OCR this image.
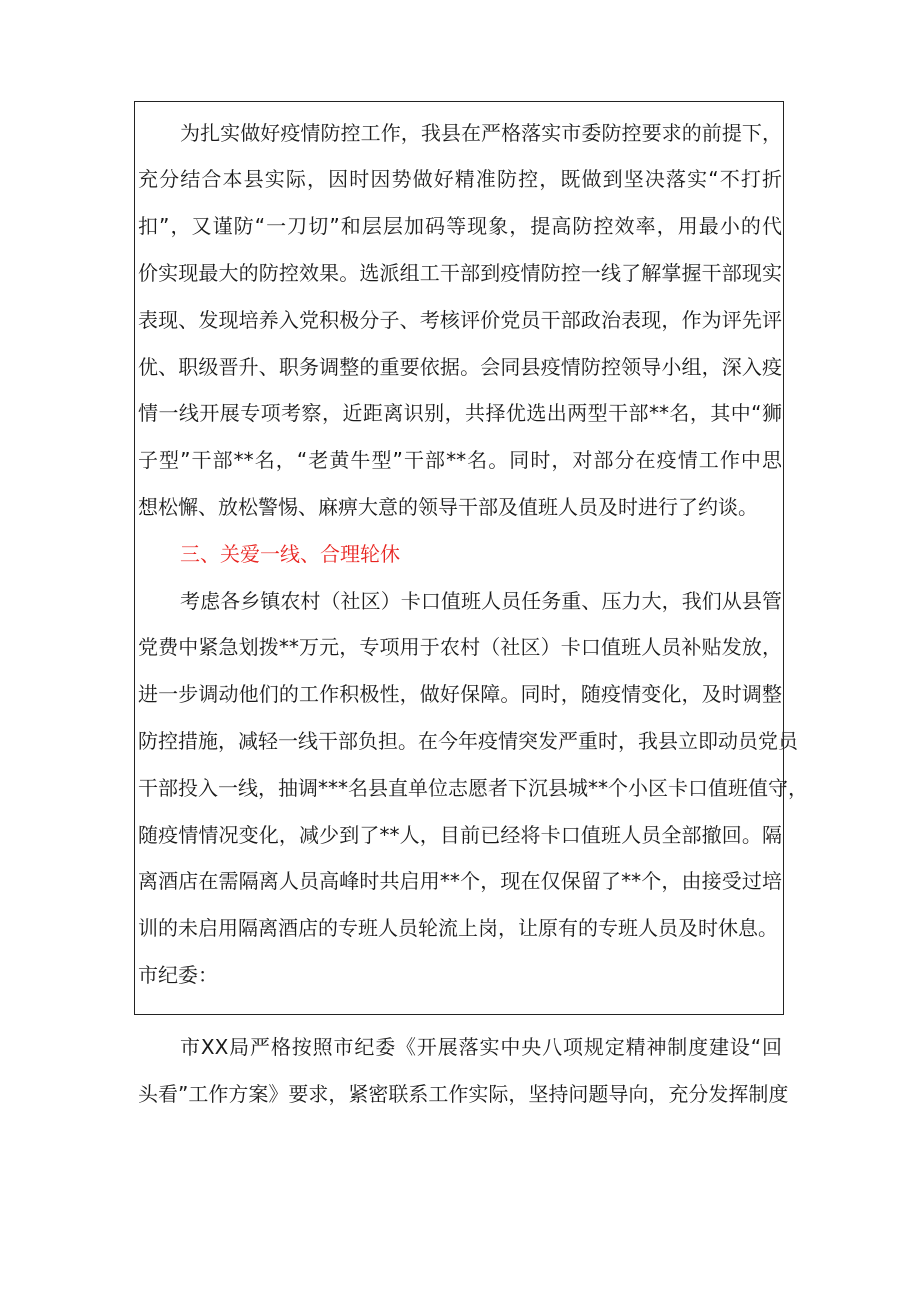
为扎实做好疫情防控工作，我县在严格落实市委防控要求的前提下，
充分结合本县实际，因时因势做好精准防控，既做到坚决落实“不打折
扣”，又谨防“一刀切”和层层加码等现象，提高防控效率，用最小的代
价实现最大的防控效果。选派组工干部到疫情防控一线了解掌握干部现实
表现、发现培养入党积极分子、考核评价党员干部政治表现，作为评先评
优、职级晋升、职务调整的重要依据。会同县疫情防控领导小组，深入疫
情一线开展专项考察，近距离识别，共择优选出两型干部**名，其中“狮
子型”干部**名，“老黄牛型”干部**名。同时，对部分在疫情工作中思
想松懈、放松警惕、麻痹大意的领导干部及值班人员及时进行了约谈。
三、关爱一线、合理轮休
考虑各乡镇农村（社区）卡口值班人员任务重、压力大，我们从县管
党费中紧急划拨**万元，专项用于农村（社区）卡口值班人员补贴发放，
进一步调动他们的工作积极性，做好保障。同时，随疫情变化，及时调整
防控措施，减轻一线干部负担。在今年疫情突发严重时，我县立即动员党员
干部投入一线，抽调***名县直单位志愿者下沉县城**个小区卡口值班值守，
随疫情情况变化，减少到了**人，目前已经将卡口值班人员全部撤回。隔
离酒店在需隔离人员高峰时共启用**个，现在仅保留了**个，由接受过培
训的未启用隔离酒店的专班人员轮流上岗，让原有的专班人员及时休息。
市纪委：
市XX局严格按照市纪委《开展落实中央八项规定精神制度建设“回
头看”工作方案》要求，紧密联系工作实际，坚持问题导向，充分发挥制度
